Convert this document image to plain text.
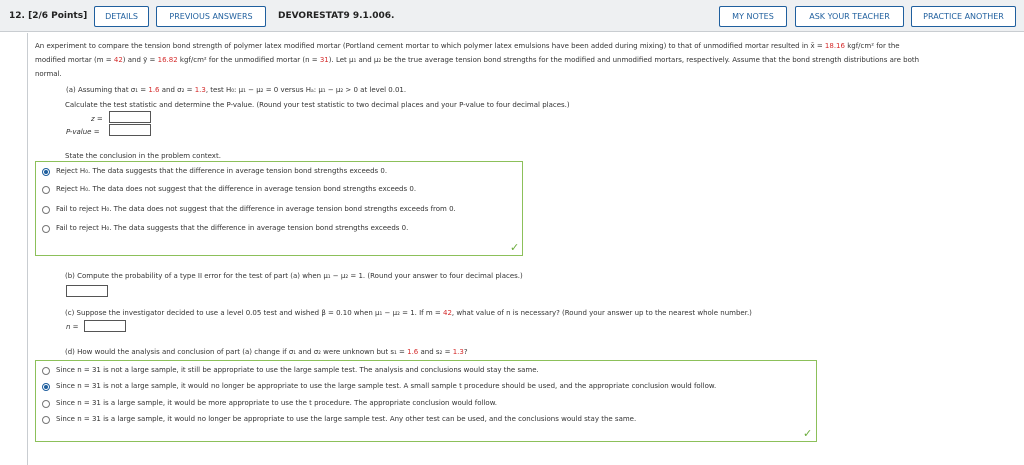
12. [2/6 Points]	DETAILS	PREVIOUS ANSWERS	DEVORESTAT9 9.1.006.	MY NOTES	ASK YOUR TEACHER	PRACTICE ANOTHER
An experiment to compare the tension bond strength of polymer latex modified mortar (Portland cement mortar to which polymer latex emulsions have been added during mixing) to that of unmodified mortar resulted in x̄ = 18.16 kgf/cm² for the
modified mortar (m = 42) and ȳ = 16.82 kgf/cm² for the unmodified mortar (n = 31). Let μ₁ and μ₂ be the true average tension bond strengths for the modified and unmodified mortars, respectively. Assume that the bond strength distributions are both
normal.
(a) Assuming that σ₁ = 1.6 and σ₂ = 1.3, test H₀: μ₁ − μ₂ = 0 versus Hₐ: μ₁ − μ₂ > 0 at level 0.01.
Calculate the test statistic and determine the P-value. (Round your test statistic to two decimal places and your P-value to four decimal places.)
z =
P-value =
State the conclusion in the problem context.
Reject H₀. The data suggests that the difference in average tension bond strengths exceeds 0.
Reject H₀. The data does not suggest that the difference in average tension bond strengths exceeds 0.
Fail to reject H₀. The data does not suggest that the difference in average tension bond strengths exceeds from 0.
Fail to reject H₀. The data suggests that the difference in average tension bond strengths exceeds 0.
✓
(b) Compute the probability of a type II error for the test of part (a) when μ₁ − μ₂ = 1. (Round your answer to four decimal places.)
(c) Suppose the investigator decided to use a level 0.05 test and wished β = 0.10 when μ₁ − μ₂ = 1. If m = 42, what value of n is necessary? (Round your answer up to the nearest whole number.)
n =
(d) How would the analysis and conclusion of part (a) change if σ₁ and σ₂ were unknown but s₁ = 1.6 and s₂ = 1.3?
Since n = 31 is not a large sample, it still be appropriate to use the large sample test. The analysis and conclusions would stay the same.
Since n = 31 is not a large sample, it would no longer be appropriate to use the large sample test. A small sample t procedure should be used, and the appropriate conclusion would follow.
Since n = 31 is a large sample, it would be more appropriate to use the t procedure. The appropriate conclusion would follow.
Since n = 31 is a large sample, it would no longer be appropriate to use the large sample test. Any other test can be used, and the conclusions would stay the same.
✓
